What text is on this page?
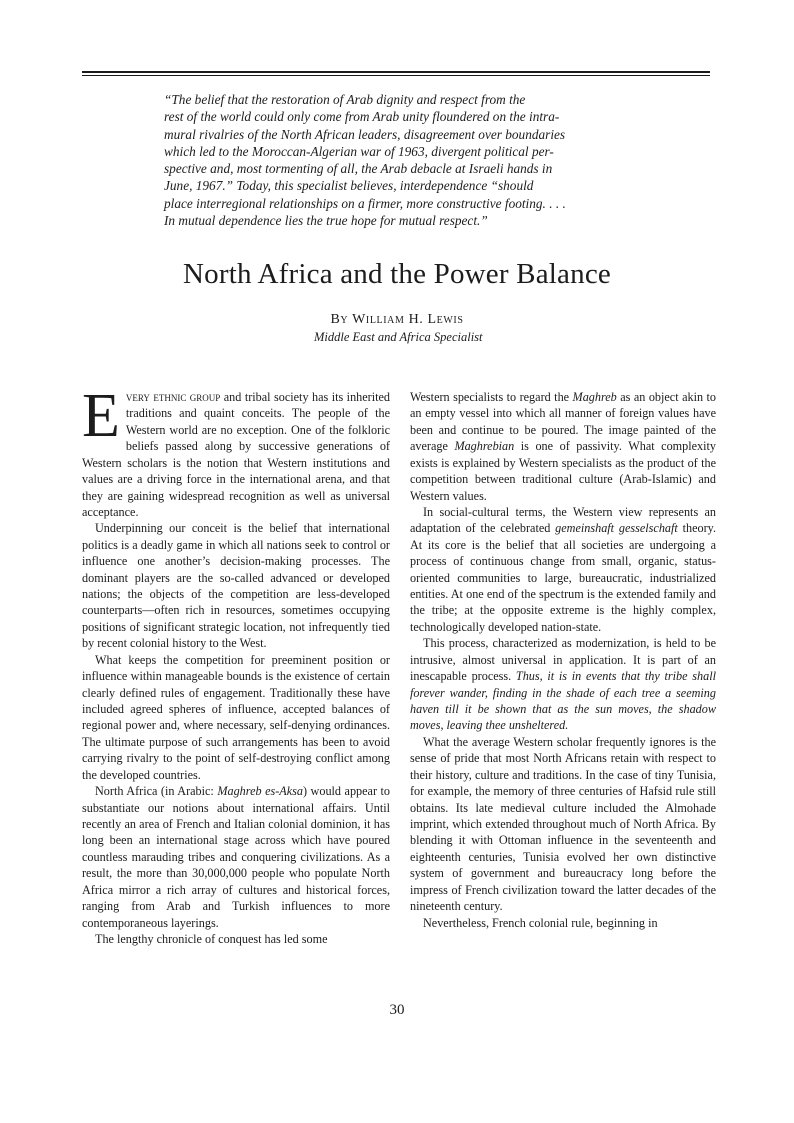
“The belief that the restoration of Arab dignity and respect from the
rest of the world could only come from Arab unity floundered on the intra-
mural rivalries of the North African leaders, disagreement over boundaries
which led to the Moroccan-Algerian war of 1963, divergent political per-
spective and, most tormenting of all, the Arab debacle at Israeli hands in
June, 1967.” Today, this specialist believes, interdependence “should
place interregional relationships on a firmer, more constructive footing. . . .
In mutual dependence lies the true hope for mutual respect.”
North Africa and the Power Balance
By William H. Lewis
Middle East and Africa Specialist

Every ethnic group and tribal society has its inherited traditions and quaint conceits. The people of the Western world are no exception. One of the folkloric beliefs passed along by successive generations of Western scholars is the notion that Western institutions and values are a driving force in the international arena, and that they are gaining widespread recognition as well as universal acceptance.

Underpinning our conceit is the belief that international politics is a deadly game in which all nations seek to control or influence one another’s decision-making processes. The dominant players are the so-called advanced or developed nations; the objects of the competition are less-developed counterparts—often rich in resources, sometimes occupying positions of significant strategic location, not infrequently tied by recent colonial history to the West.

What keeps the competition for preeminent position or influence within manageable bounds is the existence of certain clearly defined rules of engagement. Traditionally these have included agreed spheres of influence, accepted balances of regional power and, where necessary, self-denying ordinances. The ultimate purpose of such arrangements has been to avoid carrying rivalry to the point of self-destroying conflict among the developed countries.

North Africa (in Arabic: Maghreb es-Aksa) would appear to substantiate our notions about international affairs. Until recently an area of French and Italian colonial dominion, it has long been an international stage across which have poured countless marauding tribes and conquering civilizations. As a result, the more than 30,000,000 people who populate North Africa mirror a rich array of cultures and historical forces, ranging from Arab and Turkish influences to more contemporaneous layerings.

The lengthy chronicle of conquest has led some

Western specialists to regard the Maghreb as an object akin to an empty vessel into which all manner of foreign values have been and continue to be poured. The image painted of the average Maghrebian is one of passivity. What complexity exists is explained by Western specialists as the product of the competition between traditional culture (Arab-Islamic) and Western values.

In social-cultural terms, the Western view represents an adaptation of the celebrated gemeinshaft gesselschaft theory. At its core is the belief that all societies are undergoing a process of continuous change from small, organic, status-oriented communities to large, bureaucratic, industrialized entities. At one end of the spectrum is the extended family and the tribe; at the opposite extreme is the highly complex, technologically developed nation-state.

This process, characterized as modernization, is held to be intrusive, almost universal in application. It is part of an inescapable process. Thus, it is in events that thy tribe shall forever wander, finding in the shade of each tree a seeming haven till it be shown that as the sun moves, the shadow moves, leaving thee unsheltered.

What the average Western scholar frequently ignores is the sense of pride that most North Africans retain with respect to their history, culture and traditions. In the case of tiny Tunisia, for example, the memory of three centuries of Hafsid rule still obtains. Its late medieval culture included the Almohade imprint, which extended throughout much of North Africa. By blending it with Ottoman influence in the seventeenth and eighteenth centuries, Tunisia evolved her own distinctive system of government and bureaucracy long before the impress of French civilization toward the latter decades of the nineteenth century.

Nevertheless, French colonial rule, beginning in

30
